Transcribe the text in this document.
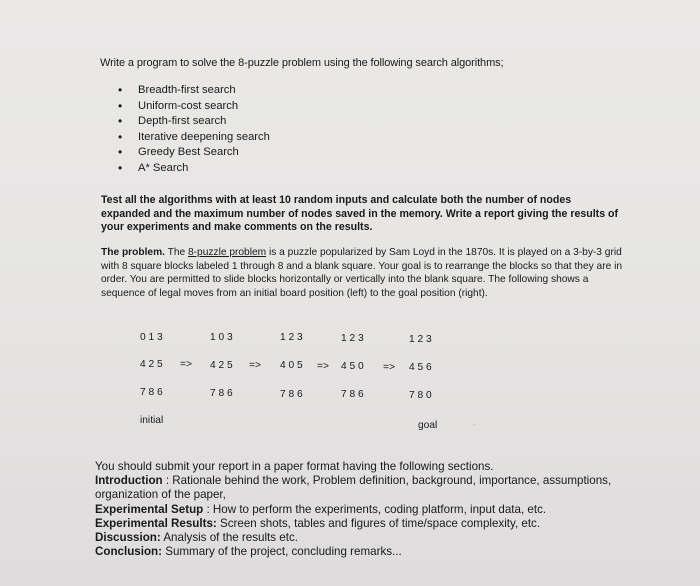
Write a program to solve the 8-puzzle problem using the following search algorithms;
• Breadth-first search
• Uniform-cost search
• Depth-first search
• Iterative deepening search
• Greedy Best Search
• A* Search
Test all the algorithms with at least 10 random inputs and calculate both the number of nodes expanded and the maximum number of nodes saved in the memory. Write a report giving the results of your experiments and make comments on the results.
The problem. The 8-puzzle problem is a puzzle popularized by Sam Loyd in the 1870s. It is played on a 3-by-3 grid with 8 square blocks labeled 1 through 8 and a blank square. Your goal is to rearrange the blocks so that they are in order. You are permitted to slide blocks horizontally or vertically into the blank square. The following shows a sequence of legal moves from an initial board position (left) to the goal position (right).
0 1 3	1 0 3	1 2 3	1 2 3	1 2 3
4 2 5 => 4 2 5 => 4 0 5 => 4 5 0 => 4 5 6
7 8 6	7 8 6	7 8 6	7 8 6	7 8 0
initial	goal	·

You should submit your report in a paper format having the following sections.

Introduction : Rationale behind the work, Problem definition, background, importance, assumptions, organization of the paper,

Experimental Setup : How to perform the experiments, coding platform, input data, etc.

Experimental Results: Screen shots, tables and figures of time/space complexity, etc.

Discussion: Analysis of the results etc.

Conclusion: Summary of the project, concluding remarks...
